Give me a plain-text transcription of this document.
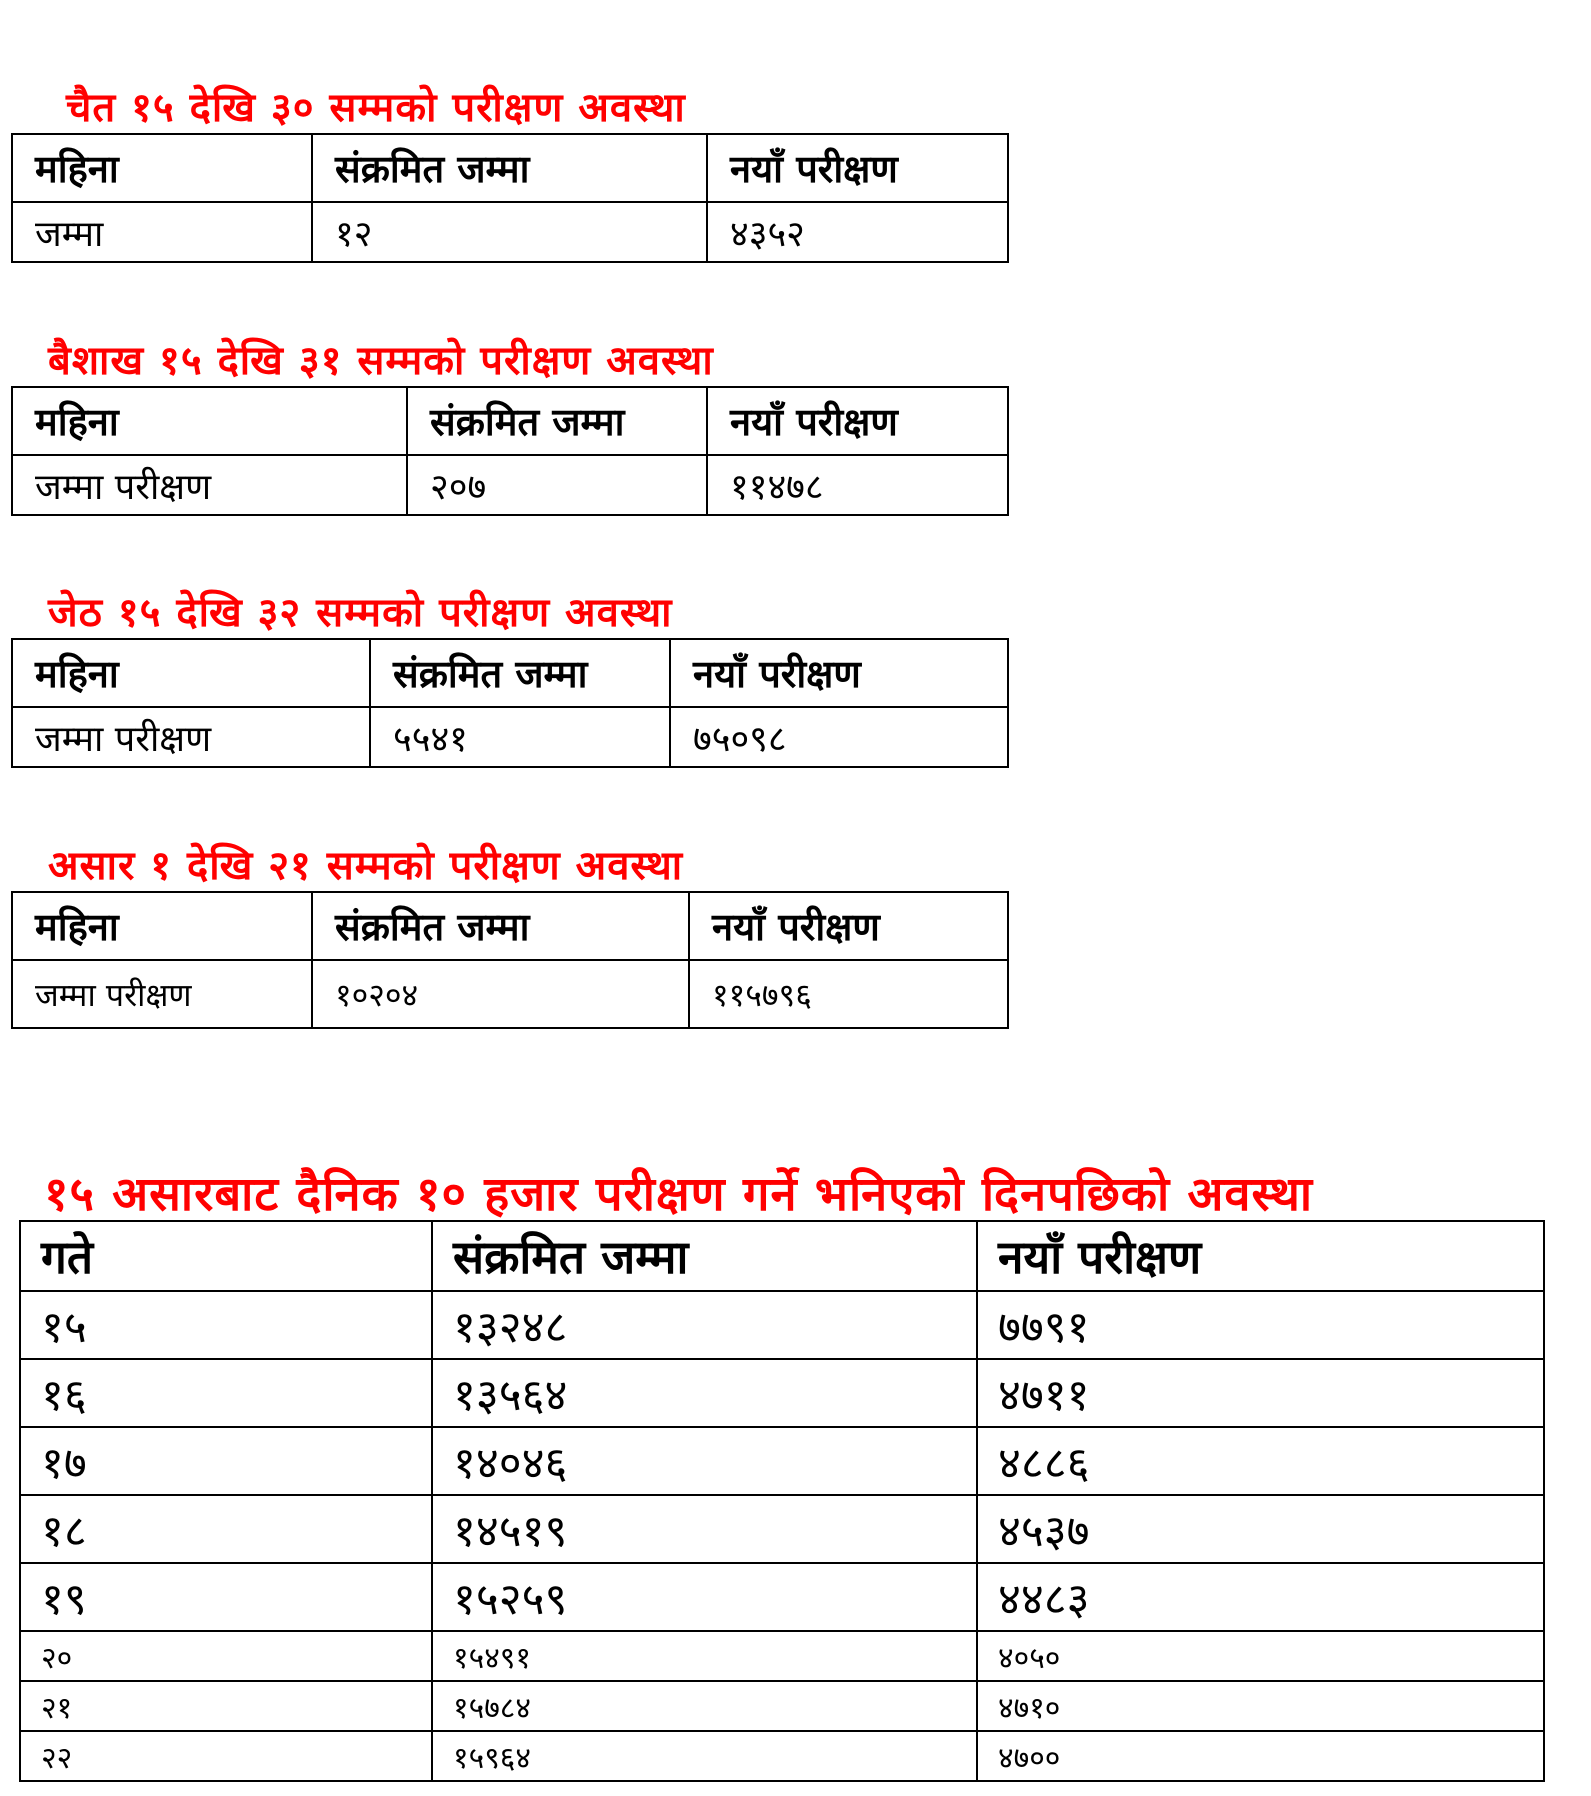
चैत १५ देखि ३० सम्मको परीक्षण अवस्था
महिना	संक्रमित जम्मा	नयाँ परीक्षण
जम्मा	१२	४३५२
बैशाख १५ देखि ३१ सम्मको परीक्षण अवस्था
महिना	संक्रमित जम्मा	नयाँ परीक्षण
जम्मा परीक्षण	२०७	११४७८
जेठ १५ देखि ३२ सम्मको परीक्षण अवस्था
महिना	संक्रमित जम्मा	नयाँ परीक्षण
जम्मा परीक्षण	५५४१	७५०९८
असार १ देखि २१ सम्मको परीक्षण अवस्था
महिना	संक्रमित जम्मा	नयाँ परीक्षण
जम्मा परीक्षण	१०२०४	११५७९६
१५ असारबाट दैनिक १० हजार परीक्षण गर्ने भनिएको दिनपछिको अवस्था
गते	संक्रमित जम्मा	नयाँ परीक्षण
१५	१३२४८	७७९१
१६	१३५६४	४७११
१७	१४०४६	४८८६
१८	१४५१९	४५३७
१९	१५२५९	४४८३
२०	१५४९१	४०५०
२१	१५७८४	४७१०
२२	१५९६४	४७००
